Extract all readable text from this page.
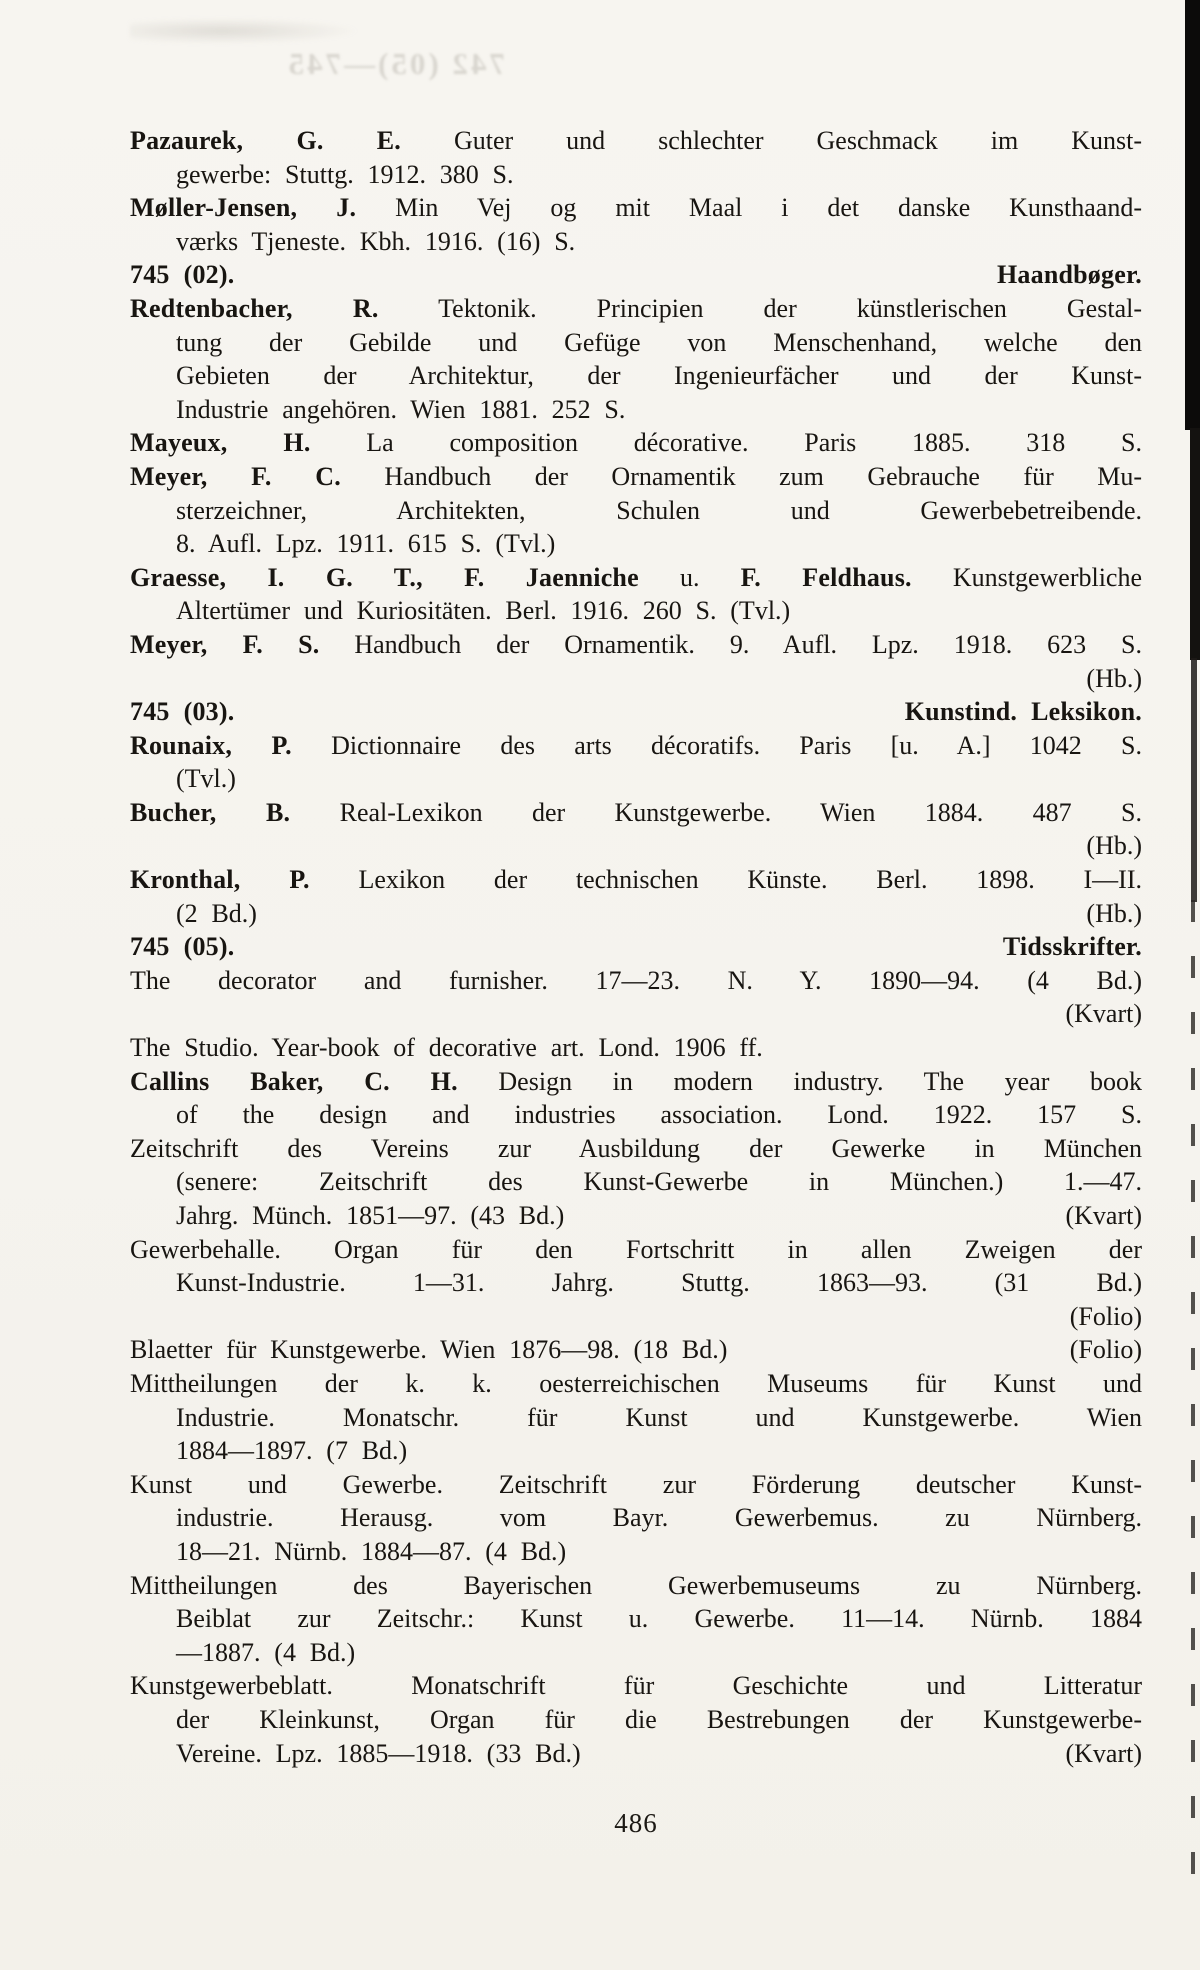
742 (05)—745
Pazaurek, G. E. Guter und schlechter Geschmack im Kunst-
gewerbe: Stuttg. 1912. 380 S.
Møller-Jensen, J. Min Vej og mit Maal i det danske Kunsthaand-
værks Tjeneste. Kbh. 1916. (16) S.
745 (02).	Haandbøger.
Redtenbacher, R. Tektonik. Principien der künstlerischen Gestal-
tung der Gebilde und Gefüge von Menschenhand, welche den
Gebieten der Architektur, der Ingenieurfächer und der Kunst-
Industrie angehören. Wien 1881. 252 S.
Mayeux, H. La composition décorative. Paris 1885. 318 S.
Meyer, F. C. Handbuch der Ornamentik zum Gebrauche für Mu-
sterzeichner, Architekten, Schulen und Gewerbebetreibende.
8. Aufl. Lpz. 1911. 615 S. (Tvl.)
Graesse, I. G. T., F. Jaenniche u. F. Feldhaus. Kunstgewerbliche
Altertümer und Kuriositäten. Berl. 1916. 260 S. (Tvl.)
Meyer, F. S. Handbuch der Ornamentik. 9. Aufl. Lpz. 1918. 623 S.
(Hb.)
745 (03).	Kunstind. Leksikon.
Rounaix, P. Dictionnaire des arts décoratifs. Paris [u. A.] 1042 S.
(Tvl.)
Bucher, B. Real-Lexikon der Kunstgewerbe. Wien 1884. 487 S.
(Hb.)
Kronthal, P. Lexikon der technischen Künste. Berl. 1898. I—II.
(2 Bd.)	(Hb.)
745 (05).	Tidsskrifter.
The decorator and furnisher. 17—23. N. Y. 1890—94. (4 Bd.)
(Kvart)
The Studio. Year-book of decorative art. Lond. 1906 ff.
Callins Baker, C. H. Design in modern industry. The year book
of the design and industries association. Lond. 1922. 157 S.
Zeitschrift des Vereins zur Ausbildung der Gewerke in München
(senere: Zeitschrift des Kunst-Gewerbe in München.) 1.—47.
Jahrg. Münch. 1851—97. (43 Bd.)	(Kvart)
Gewerbehalle. Organ für den Fortschritt in allen Zweigen der
Kunst-Industrie. 1—31. Jahrg. Stuttg. 1863—93. (31 Bd.)
(Folio)
Blaetter für Kunstgewerbe. Wien 1876—98. (18 Bd.)	(Folio)
Mittheilungen der k. k. oesterreichischen Museums für Kunst und
Industrie. Monatschr. für Kunst und Kunstgewerbe. Wien
1884—1897. (7 Bd.)
Kunst und Gewerbe. Zeitschrift zur Förderung deutscher Kunst-
industrie. Herausg. vom Bayr. Gewerbemus. zu Nürnberg.
18—21. Nürnb. 1884—87. (4 Bd.)
Mittheilungen des Bayerischen Gewerbemuseums zu Nürnberg.
Beiblat zur Zeitschr.: Kunst u. Gewerbe. 11—14. Nürnb. 1884
—1887. (4 Bd.)
Kunstgewerbeblatt. Monatschrift für Geschichte und Litteratur
der Kleinkunst, Organ für die Bestrebungen der Kunstgewerbe-
Vereine. Lpz. 1885—1918. (33 Bd.)	(Kvart)
486
